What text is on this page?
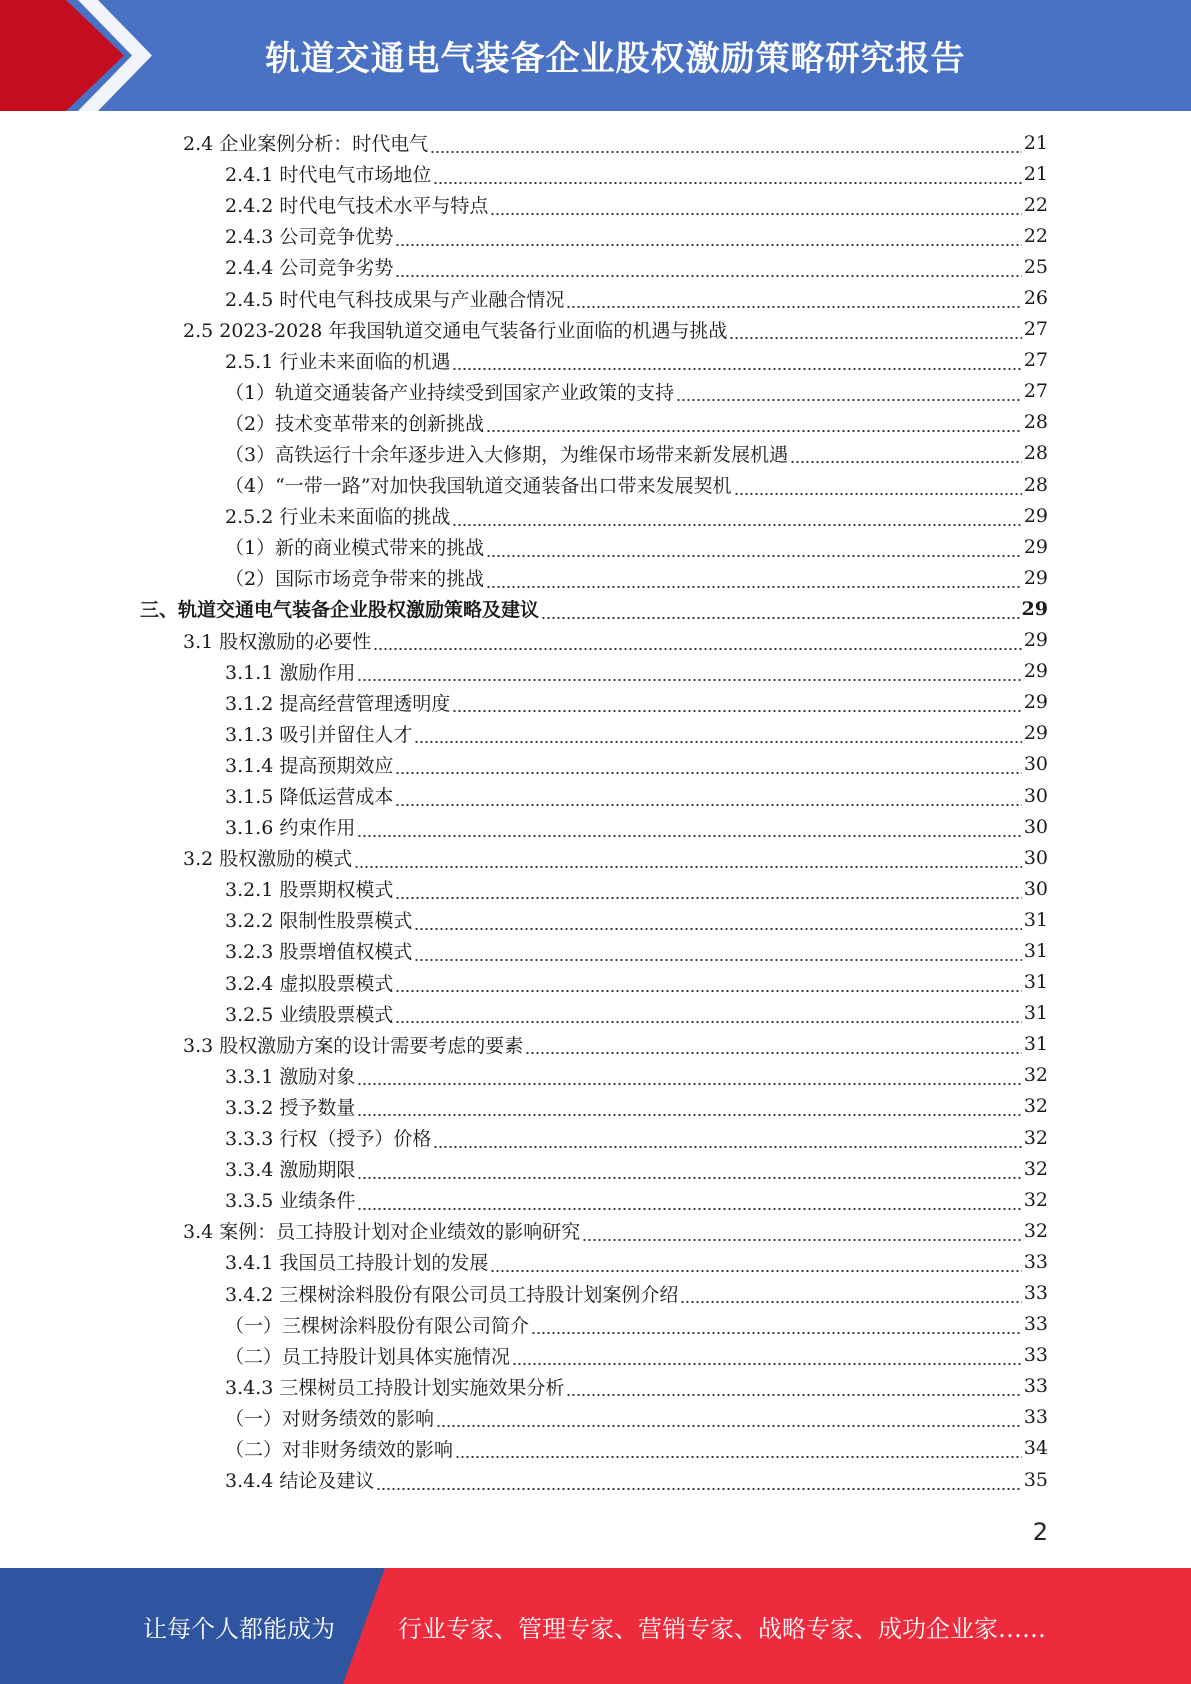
轨道交通电气装备企业股权激励策略研究报告
2.4 企业案例分析：时代电气	21
2.4.1 时代电气市场地位	21
2.4.2 时代电气技术水平与特点	22
2.4.3 公司竞争优势	22
2.4.4 公司竞争劣势	25
2.4.5 时代电气科技成果与产业融合情况	26
2.5 2023-2028 年我国轨道交通电气装备行业面临的机遇与挑战	27
2.5.1 行业未来面临的机遇	27
（1）轨道交通装备产业持续受到国家产业政策的支持	27
（2）技术变革带来的创新挑战	28
（3）高铁运行十余年逐步进入大修期，为维保市场带来新发展机遇	28
（4）“一带一路”对加快我国轨道交通装备出口带来发展契机	28
2.5.2 行业未来面临的挑战	29
（1）新的商业模式带来的挑战	29
（2）国际市场竞争带来的挑战	29
三、轨道交通电气装备企业股权激励策略及建议	29
3.1 股权激励的必要性	29
3.1.1 激励作用	29
3.1.2 提高经营管理透明度	29
3.1.3 吸引并留住人才	29
3.1.4 提高预期效应	30
3.1.5 降低运营成本	30
3.1.6 约束作用	30
3.2 股权激励的模式	30
3.2.1 股票期权模式	30
3.2.2 限制性股票模式	31
3.2.3 股票增值权模式	31
3.2.4 虚拟股票模式	31
3.2.5 业绩股票模式	31
3.3 股权激励方案的设计需要考虑的要素	31
3.3.1 激励对象	32
3.3.2 授予数量	32
3.3.3 行权（授予）价格	32
3.3.4 激励期限	32
3.3.5 业绩条件	32
3.4 案例：员工持股计划对企业绩效的影响研究	32
3.4.1 我国员工持股计划的发展	33
3.4.2 三棵树涂料股份有限公司员工持股计划案例介绍	33
（一）三棵树涂料股份有限公司简介	33
（二）员工持股计划具体实施情况	33
3.4.3 三棵树员工持股计划实施效果分析	33
（一）对财务绩效的影响	33
（二）对非财务绩效的影响	34
3.4.4 结论及建议	35
2
让每个人都能成为	行业专家、管理专家、营销专家、战略专家、成功企业家……
